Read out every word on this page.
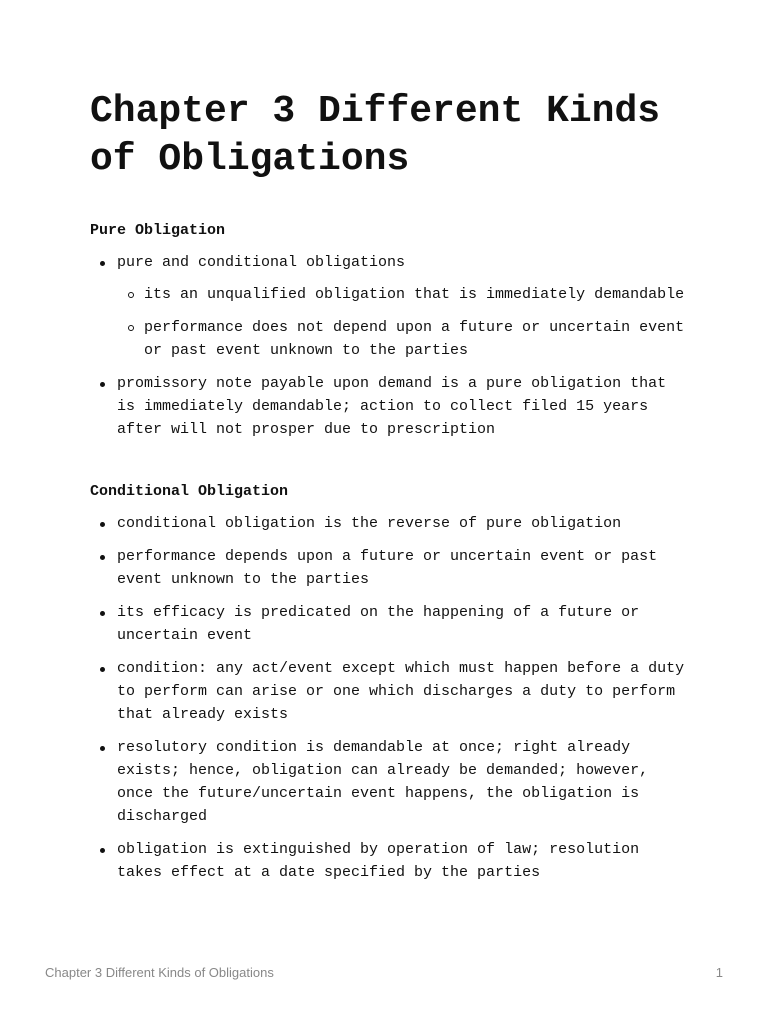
Chapter 3 Different Kinds of Obligations
Pure Obligation
pure and conditional obligations
its an unqualified obligation that is immediately demandable
performance does not depend upon a future or uncertain event or past event unknown to the parties
promissory note payable upon demand is a pure obligation that is immediately demandable; action to collect filed 15 years after will not prosper due to prescription
Conditional Obligation
conditional obligation is the reverse of pure obligation
performance depends upon a future or uncertain event or past event unknown to the parties
its efficacy is predicated on the happening of a future or uncertain event
condition: any act/event except which must happen before a duty to perform can arise or one which discharges a duty to perform that already exists
resolutory condition is demandable at once; right already exists; hence, obligation can already be demanded; however, once the future/uncertain event happens, the obligation is discharged
obligation is extinguished by operation of law; resolution takes effect at a date specified by the parties
Chapter 3 Different Kinds of Obligations	1
